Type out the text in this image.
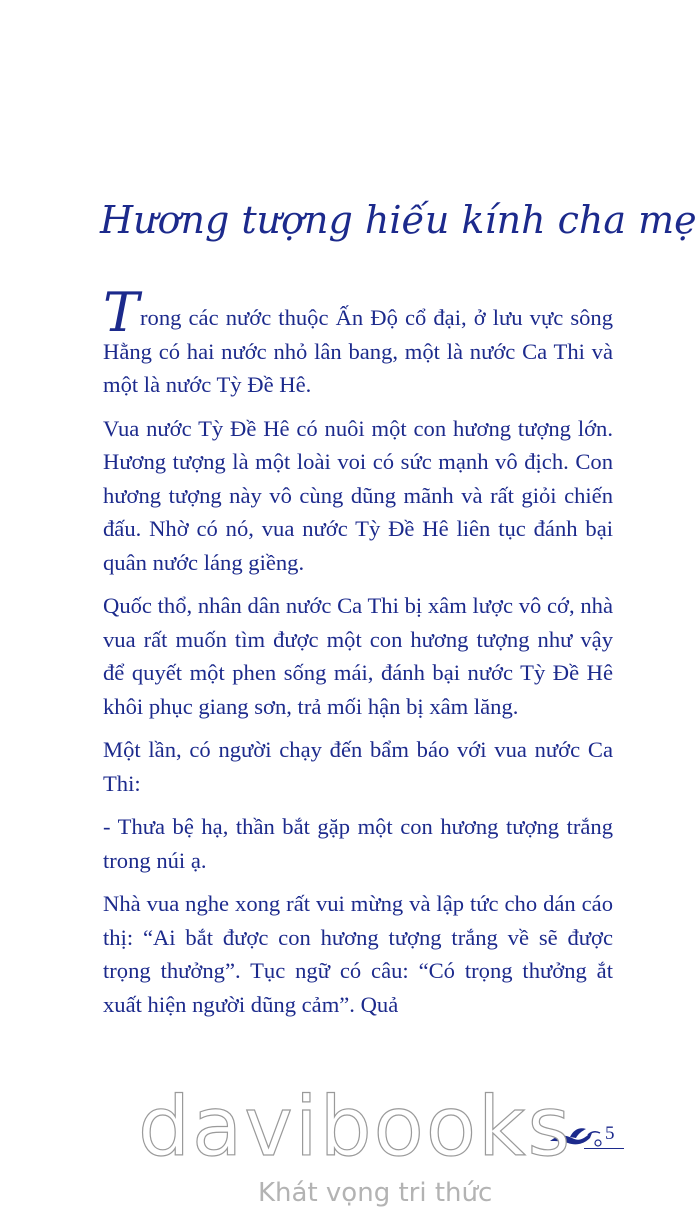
Hương tượng hiếu kính cha mẹ

Trong các nước thuộc Ấn Độ cổ đại, ở lưu vực sông Hằng có hai nước nhỏ lân bang, một là nước Ca Thi và một là nước Tỳ Đề Hê.

Vua nước Tỳ Đề Hê có nuôi một con hương tượng lớn. Hương tượng là một loài voi có sức mạnh vô địch. Con hương tượng này vô cùng dũng mãnh và rất giỏi chiến đấu. Nhờ có nó, vua nước Tỳ Đề Hê liên tục đánh bại quân nước láng giềng.

Quốc thổ, nhân dân nước Ca Thi bị xâm lược vô cớ, nhà vua rất muốn tìm được một con hương tượng như vậy để quyết một phen sống mái, đánh bại nước Tỳ Đề Hê khôi phục giang sơn, trả mối hận bị xâm lăng.

Một lần, có người chạy đến bẩm báo với vua nước Ca Thi:

- Thưa bệ hạ, thần bắt gặp một con hương tượng trắng trong núi ạ.

Nhà vua nghe xong rất vui mừng và lập tức cho dán cáo thị: “Ai bắt được con hương tượng trắng về sẽ được trọng thưởng”. Tục ngữ có câu: “Có trọng thưởng ắt xuất hiện người dũng cảm”. Quả

5
davibooks
Khát vọng tri thức
